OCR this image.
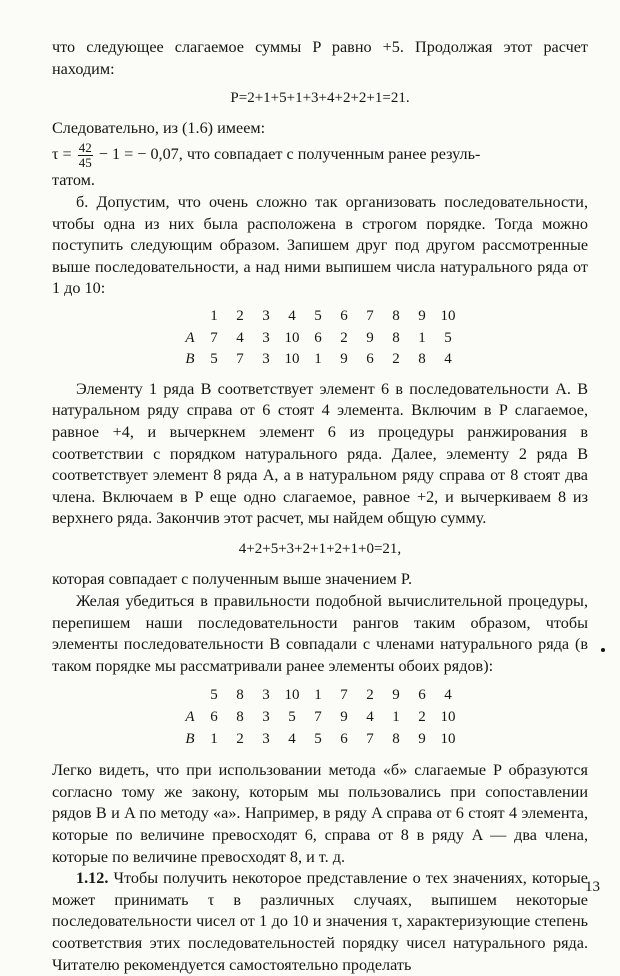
что следующее слагаемое суммы P равно +5. Продолжая этот расчет находим:

P=2+1+5+1+3+4+2+2+1=21.

Следовательно, из (1.6) имеем:

$\tau = \frac{42}{45} - 1$ = − 0,07, что совпадает с полученным ранее резуль-

татом.

б. Допустим, что очень сложно так организовать последовательности, чтобы одна из них была расположена в строгом порядке. Тогда можно поступить следующим образом. Запишем друг под другом рассмотренные выше последовательности, а над ними выпишем числа натурального ряда от 1 до 10:

	1	2	3	4	5	6	7	8	9	10
A	7	4	3	10	6	2	9	8	1	5
B	5	7	3	10	1	9	6	2	8	4

Элементу 1 ряда B соответствует элемент 6 в последовательности A. В натуральном ряду справа от 6 стоят 4 элемента. Включим в P слагаемое, равное +4, и вычеркнем элемент 6 из процедуры ранжирования в соответствии с порядком натурального ряда. Далее, элементу 2 ряда B соответствует элемент 8 ряда A, а в натуральном ряду справа от 8 стоят два члена. Включаем в P еще одно слагаемое, равное +2, и вычеркиваем 8 из верхнего ряда. Закончив этот расчет, мы найдем общую сумму.

4+2+5+3+2+1+2+1+0=21,

которая совпадает с полученным выше значением P.

Желая убедиться в правильности подобной вычислительной процедуры, перепишем наши последовательности рангов таким образом, чтобы элементы последовательности B совпадали с членами натурального ряда (в таком порядке мы рассматривали ранее элементы обоих рядов):

	5	8	3	10	1	7	2	9	6	4
A	6	8	3	5	7	9	4	1	2	10
B	1	2	3	4	5	6	7	8	9	10

Легко видеть, что при использовании метода «б» слагаемые P образуются согласно тому же закону, которым мы пользовались при сопоставлении рядов B и A по методу «а». Например, в ряду A справа от 6 стоят 4 элемента, которые по величине превосходят 6, справа от 8 в ряду A — два члена, которые по величине превосходят 8, и т. д.

1.12. Чтобы получить некоторое представление о тех значениях, которые может принимать τ в различных случаях, выпишем некоторые последовательности чисел от 1 до 10 и значения τ, характеризующие степень соответствия этих последовательностей порядку чисел натурального ряда. Читателю рекомендуется самостоятельно проделать

13
